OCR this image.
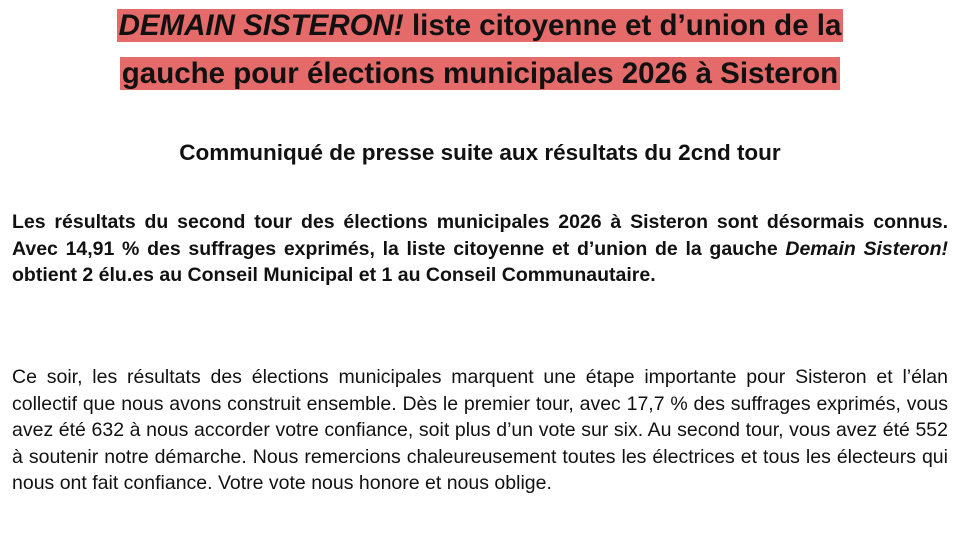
DEMAIN SISTERON! liste citoyenne et d’union de la
gauche pour élections municipales 2026 à Sisteron
Communiqué de presse suite aux résultats du 2cnd tour

Les résultats du second tour des élections municipales 2026 à Sisteron sont désormais connus. Avec 14,91 % des suffrages exprimés, la liste citoyenne et d’union de la gauche Demain Sisteron! obtient 2 élu.es au Conseil Municipal et 1 au Conseil Communautaire.

Ce soir, les résultats des élections municipales marquent une étape importante pour Sisteron et l’élan collectif que nous avons construit ensemble. Dès le premier tour, avec 17,7 % des suffrages exprimés, vous avez été 632 à nous accorder votre confiance, soit plus d’un vote sur six. Au second tour, vous avez été 552 à soutenir notre démarche. Nous remercions chaleureusement toutes les électrices et tous les électeurs qui nous ont fait confiance. Votre vote nous honore et nous oblige.
